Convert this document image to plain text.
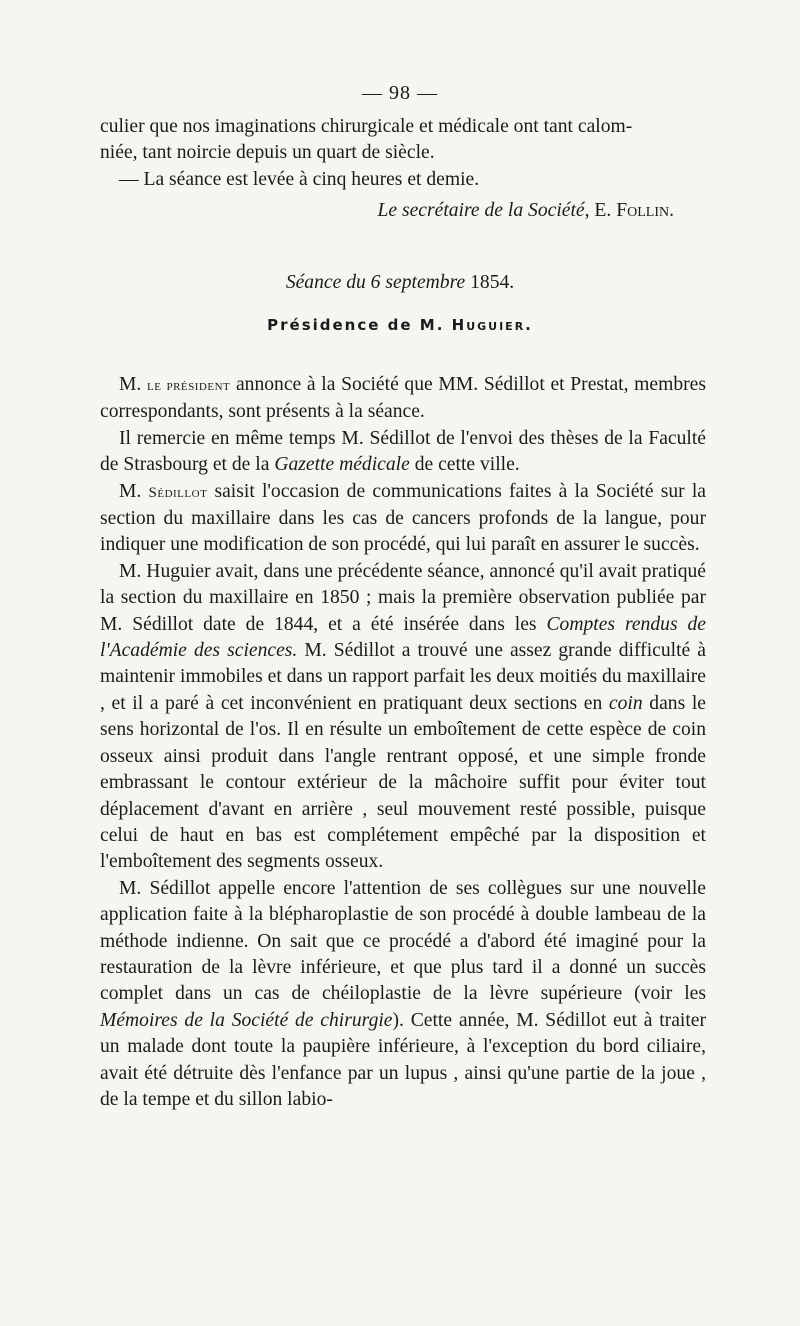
— 98 —

culier que nos imaginations chirurgicale et médicale ont tant calom-

niée, tant noircie depuis un quart de siècle.

— La séance est levée à cinq heures et demie.

Le secrétaire de la Société, E. Follin.
Séance du 6 septembre 1854.
Présidence de M. Huguier.

M. le président annonce à la Société que MM. Sédillot et Prestat, membres correspondants, sont présents à la séance.

Il remercie en même temps M. Sédillot de l'envoi des thèses de la Faculté de Strasbourg et de la Gazette médicale de cette ville.

M. Sédillot saisit l'occasion de communications faites à la Société sur la section du maxillaire dans les cas de cancers profonds de la langue, pour indiquer une modification de son procédé, qui lui paraît en assurer le succès.

M. Huguier avait, dans une précédente séance, annoncé qu'il avait pratiqué la section du maxillaire en 1850 ; mais la première observation publiée par M. Sédillot date de 1844, et a été insérée dans les Comptes rendus de l'Académie des sciences. M. Sédillot a trouvé une assez grande difficulté à maintenir immobiles et dans un rapport parfait les deux moitiés du maxillaire , et il a paré à cet inconvénient en pratiquant deux sections en coin dans le sens horizontal de l'os. Il en résulte un emboîtement de cette espèce de coin osseux ainsi produit dans l'angle rentrant opposé, et une simple fronde embrassant le contour extérieur de la mâchoire suffit pour éviter tout déplacement d'avant en arrière , seul mouvement resté possible, puisque celui de haut en bas est complétement empêché par la disposition et l'emboîtement des segments osseux.

M. Sédillot appelle encore l'attention de ses collègues sur une nouvelle application faite à la blépharoplastie de son procédé à double lambeau de la méthode indienne. On sait que ce procédé a d'abord été imaginé pour la restauration de la lèvre inférieure, et que plus tard il a donné un succès complet dans un cas de chéiloplastie de la lèvre supérieure (voir les Mémoires de la Société de chirurgie). Cette année, M. Sédillot eut à traiter un malade dont toute la paupière inférieure, à l'exception du bord ciliaire, avait été détruite dès l'enfance par un lupus , ainsi qu'une partie de la joue , de la tempe et du sillon labio-
